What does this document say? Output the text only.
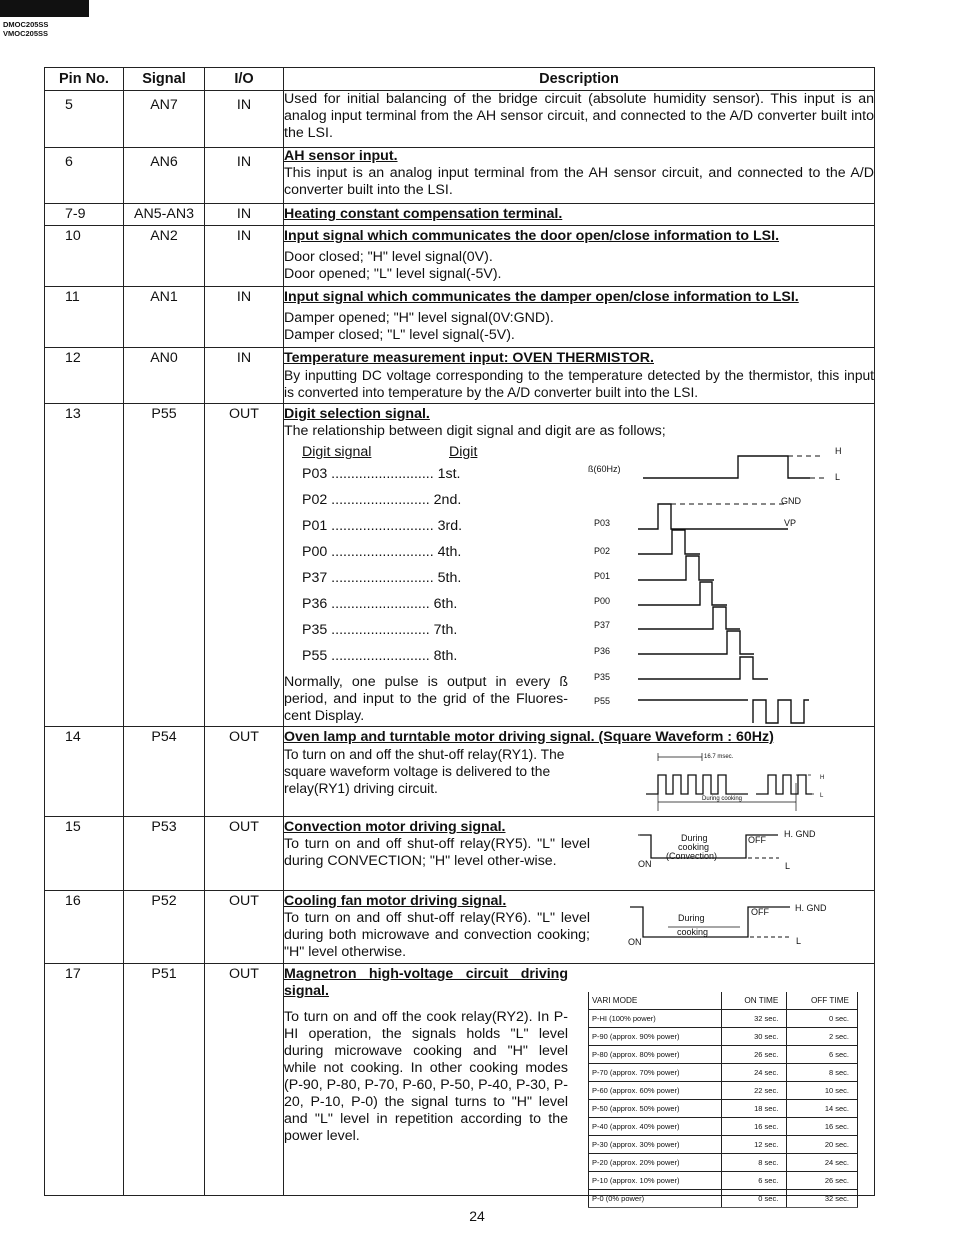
DMOC205SS
VMOC205SS
Pin No.	Signal	I/O	Description
5	AN7	IN	Used for initial balancing of the bridge circuit (absolute humidity sensor). This input is an analog input terminal from the AH sensor circuit, and connected to the A/D converter built into the LSI.

6	AN6	IN	AH sensor input.

This input is an analog input terminal from the AH sensor circuit, and connected to the A/D converter built into the LSI.

7-9	AN5-AN3	IN	Heating constant compensation terminal.

10	AN2	IN	Input signal which communicates the door open/close information to LSI.

Door closed; "H" level signal(0V).

Door opened; "L" level signal(-5V).

11	AN1	IN	Input signal which communicates the damper open/close information to LSI.

Damper opened; "H" level signal(0V:GND).

Damper closed; "L" level signal(-5V).

12	AN0	IN	Temperature measurement input: OVEN THERMISTOR.

By inputting DC voltage corresponding to the temperature detected by the thermistor, this input is converted into temperature by the A/D converter built into the LSI.

13	P55	OUT	Digit selection signal.

The relationship between digit signal and digit are as follows;

Digit signal	Digit
P03 .......................... 1st.
P02 ......................... 2nd.
P01 .......................... 3rd.
P00 .......................... 4th.
P37 .......................... 5th.
P36 ......................... 6th.
P35 ......................... 7th.
P55 ......................... 8th.

Normally, one pulse is output in every ß period, and input to the grid of the Fluores-cent Display.

ß(60Hz)
H
L
GND
VP
P03
P02
P01
P00
P37
P36
P35
P55

14	P54	OUT	Oven lamp and turntable motor driving signal. (Square Waveform : 60Hz)

To turn on and off the shut-off relay(RY1). The square waveform voltage is delivered to the relay(RY1) driving circuit.

16.7 msec.
During cooking
H
L

15	P53	OUT	Convection motor driving signal.

To turn on and off shut-off relay(RY5). "L" level during CONVECTION; "H" level other-wise.

During
cooking
(Convection)
OFF
ON
H. GND
L

16	P52	OUT	Cooling fan motor driving signal.

To turn on and off shut-off relay(RY6). "L" level during both microwave and convection cooking; "H" level otherwise.

During
cooking
OFF
ON
H. GND
L

17	P51	OUT	Magnetron high-voltage circuit driving signal.

To turn on and off the cook relay(RY2). In P-HI operation, the signals holds "L" level during microwave cooking and "H" level while not cooking. In other cooking modes (P-90, P-80, P-70, P-60, P-50, P-40, P-30, P-20, P-10, P-0) the signal turns to "H" level and "L" level in repetition according to the power level.

VARI MODE	ON TIME	OFF TIME
P-HI (100% power)	32 sec.	0 sec.
P-90 (approx. 90% power)	30 sec.	2 sec.
P-80 (approx. 80% power)	26 sec.	6 sec.
P-70 (approx. 70% power)	24 sec.	8 sec.
P-60 (approx. 60% power)	22 sec.	10 sec.
P-50 (approx. 50% power)	18 sec.	14 sec.
P-40 (approx. 40% power)	16 sec.	16 sec.
P-30 (approx. 30% power)	12 sec.	20 sec.
P-20 (approx. 20% power)	8 sec.	24 sec.
P-10 (approx. 10% power)	6 sec.	26 sec.
P-0 (0% power)	0 sec.	32 sec.
24
